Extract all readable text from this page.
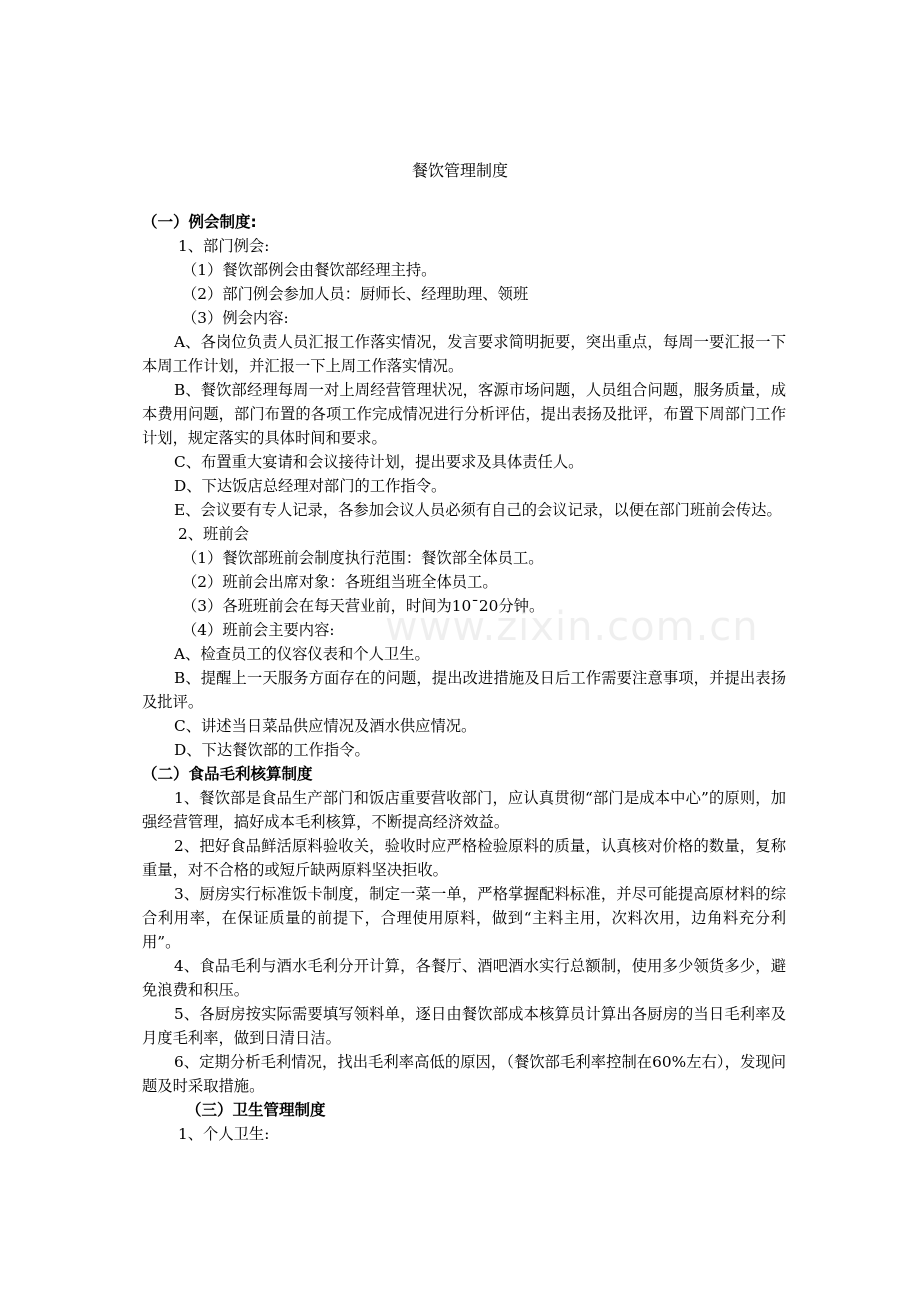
餐饮管理制度
www.zixin.com.cn
（一）例会制度:
1、部门例会:
（1）餐饮部例会由餐饮部经理主持。
（2）部门例会参加人员：厨师长、经理助理、领班
（3）例会内容:
A、各岗位负责人员汇报工作落实情况，发言要求简明扼要，突出重点，每周一要汇报一下本周工作计划，并汇报一下上周工作落实情况。
B、餐饮部经理每周一对上周经营管理状况，客源市场问题，人员组合问题，服务质量，成本费用问题，部门布置的各项工作完成情况进行分析评估，提出表扬及批评，布置下周部门工作计划，规定落实的具体时间和要求。
C、布置重大宴请和会议接待计划，提出要求及具体责任人。
D、下达饭店总经理对部门的工作指令。
E、会议要有专人记录，各参加会议人员必须有自己的会议记录，以便在部门班前会传达。
2、班前会
（1）餐饮部班前会制度执行范围：餐饮部全体员工。
（2）班前会出席对象：各班组当班全体员工。
（3）各班班前会在每天营业前，时间为10¯20分钟。
（4）班前会主要内容:
A、检查员工的仪容仪表和个人卫生。
B、提醒上一天服务方面存在的问题，提出改进措施及日后工作需要注意事项，并提出表扬及批评。
C、讲述当日菜品供应情况及酒水供应情况。
D、下达餐饮部的工作指令。
（二）食品毛利核算制度
1、餐饮部是食品生产部门和饭店重要营收部门，应认真贯彻“部门是成本中心”的原则，加强经营管理，搞好成本毛利核算，不断提高经济效益。
2、把好食品鲜活原料验收关，验收时应严格检验原料的质量，认真核对价格的数量，复称重量，对不合格的或短斤缺两原料坚决拒收。
3、厨房实行标准饭卡制度，制定一菜一单，严格掌握配料标准，并尽可能提高原材料的综合利用率，在保证质量的前提下，合理使用原料，做到“主料主用，次料次用，边角料充分利用”。
4、食品毛利与酒水毛利分开计算，各餐厅、酒吧酒水实行总额制，使用多少领货多少，避免浪费和积压。
5、各厨房按实际需要填写领料单，逐日由餐饮部成本核算员计算出各厨房的当日毛利率及月度毛利率，做到日清日洁。
6、定期分析毛利情况，找出毛利率高低的原因，（餐饮部毛利率控制在60%左右），发现问题及时采取措施。
（三）卫生管理制度
1、个人卫生:
